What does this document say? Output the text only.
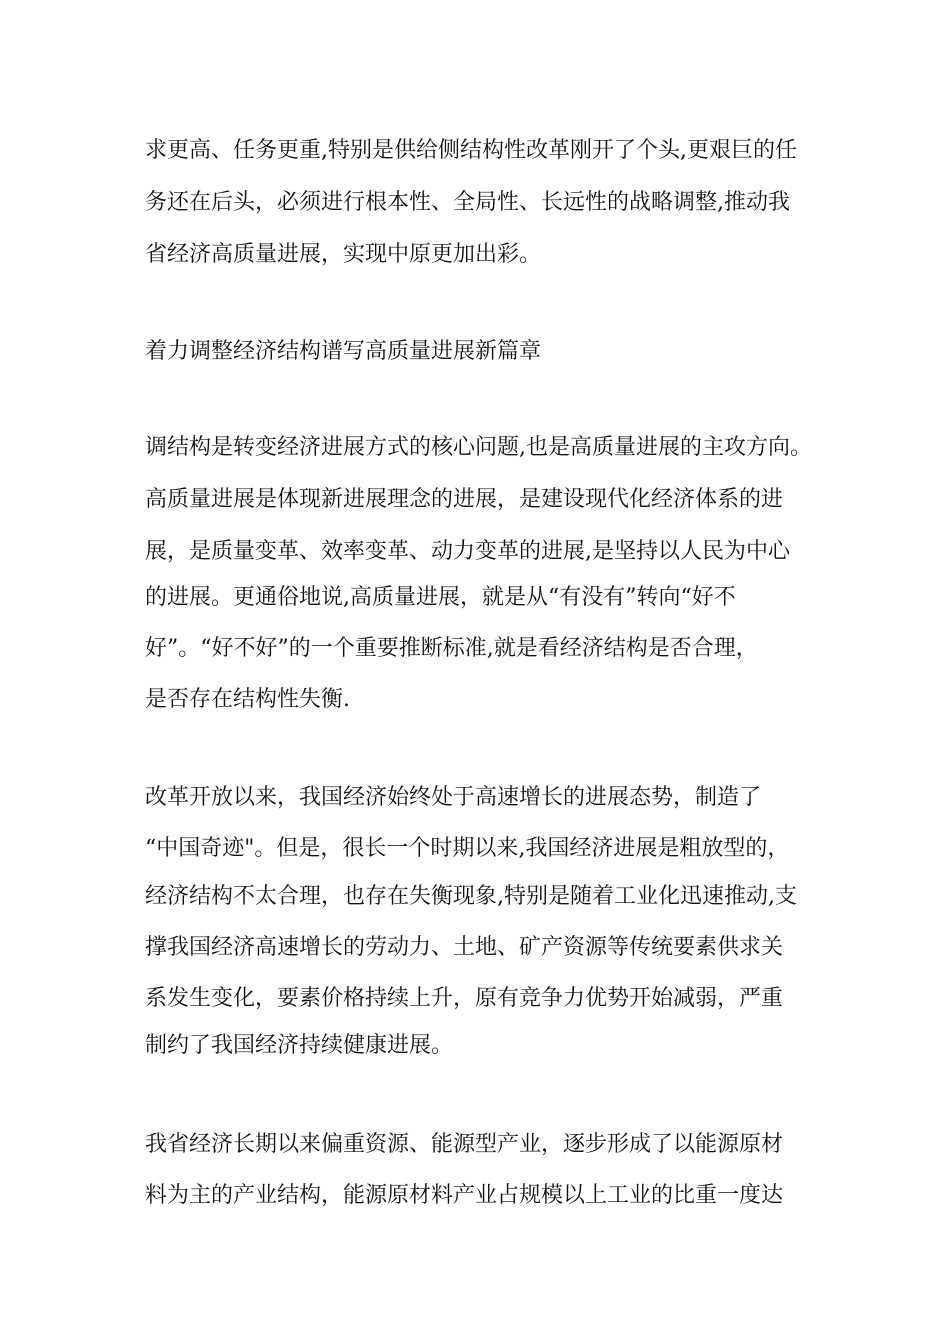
求更高、任务更重,特别是供给侧结构性改革刚开了个头,更艰巨的任
务还在后头，必须进行根本性、全局性、长远性的战略调整,推动我
省经济高质量进展，实现中原更加出彩。
着力调整经济结构谱写高质量进展新篇章
调结构是转变经济进展方式的核心问题,也是高质量进展的主攻方向。
高质量进展是体现新进展理念的进展，是建设现代化经济体系的进
展，是质量变革、效率变革、动力变革的进展,是坚持以人民为中心
的进展。更通俗地说,高质量进展，就是从“有没有”转向“好不
好”。“好不好”的一个重要推断标准,就是看经济结构是否合理，
是否存在结构性失衡.
改革开放以来，我国经济始终处于高速增长的进展态势，制造了
“中国奇迹"。但是，很长一个时期以来,我国经济进展是粗放型的，
经济结构不太合理，也存在失衡现象,特别是随着工业化迅速推动,支
撑我国经济高速增长的劳动力、土地、矿产资源等传统要素供求关
系发生变化，要素价格持续上升，原有竞争力优势开始减弱，严重
制约了我国经济持续健康进展。
我省经济长期以来偏重资源、能源型产业，逐步形成了以能源原材
料为主的产业结构，能源原材料产业占规模以上工业的比重一度达
